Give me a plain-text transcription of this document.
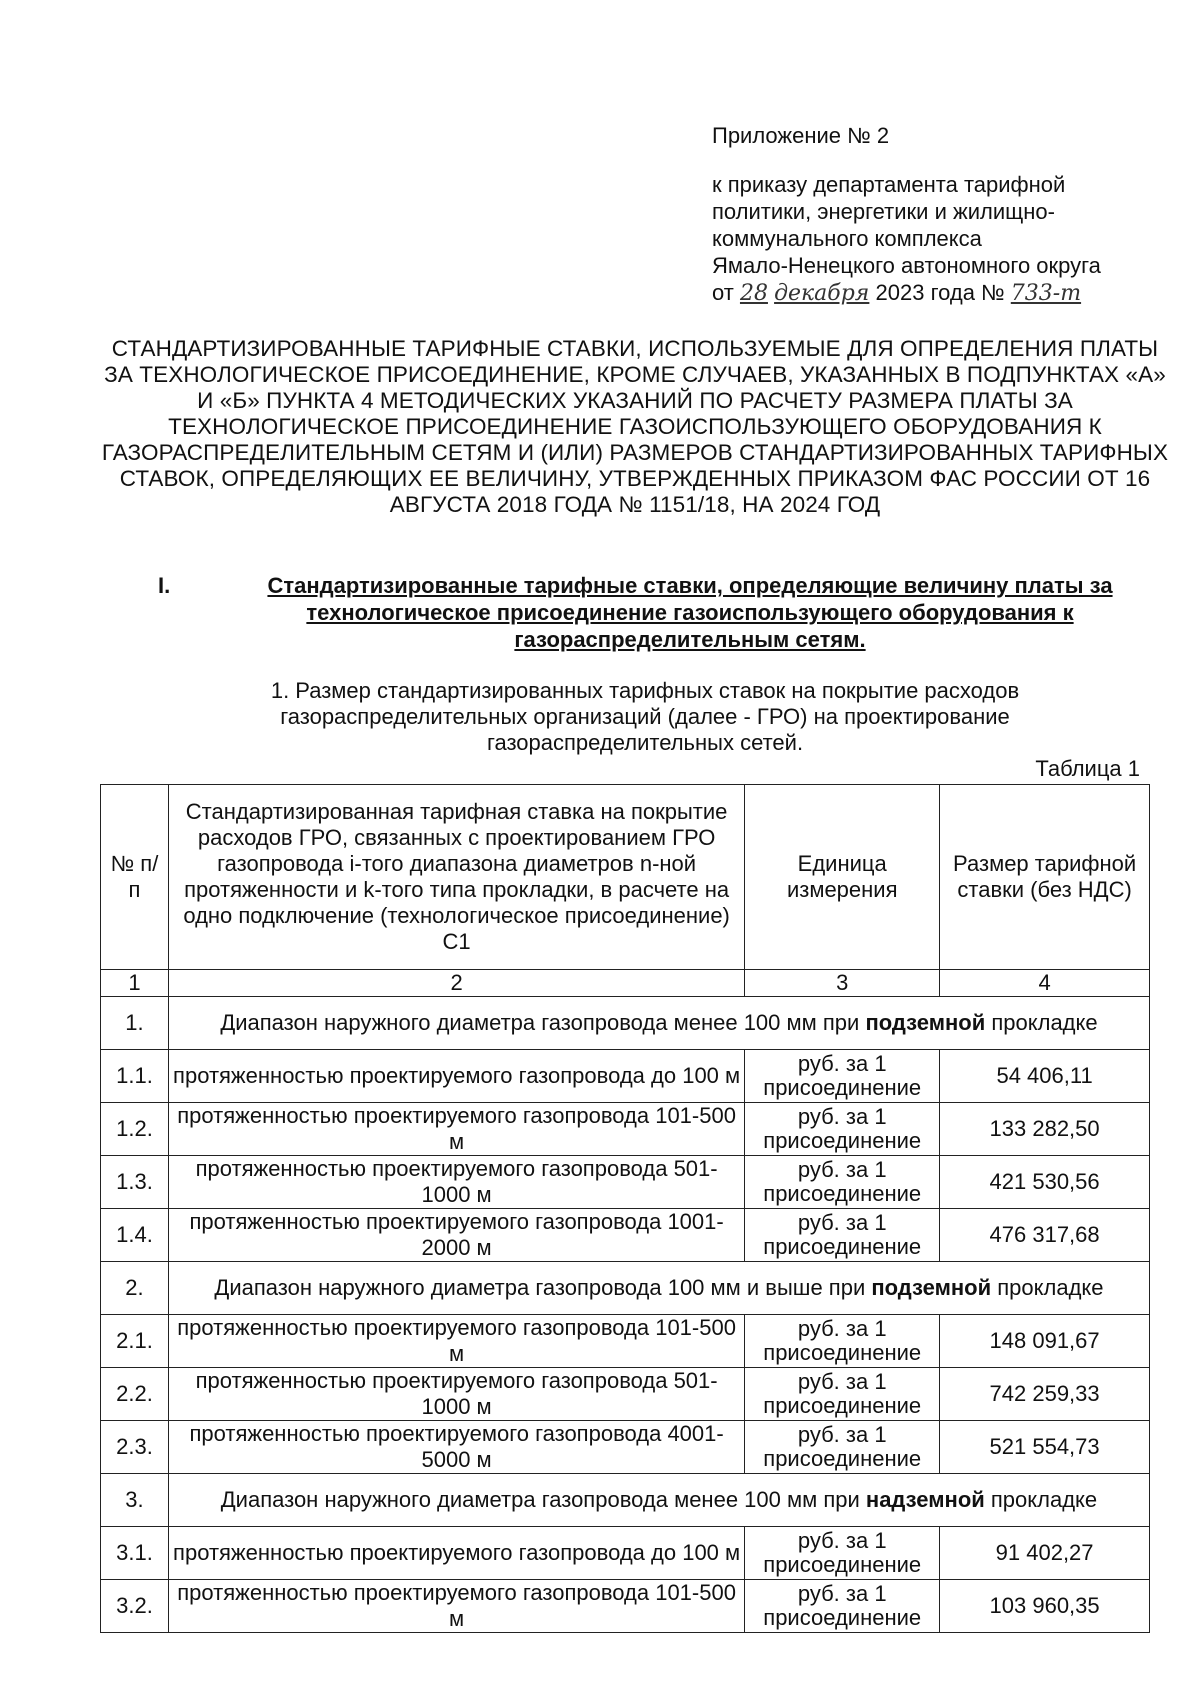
Приложение № 2
к приказу департамента тарифной
политики, энергетики и жилищно-
коммунального комплекса
Ямало-Ненецкого автономного округа
от 28 декабря 2023 года № 733-т
СТАНДАРТИЗИРОВАННЫЕ ТАРИФНЫЕ СТАВКИ, ИСПОЛЬЗУЕМЫЕ ДЛЯ ОПРЕДЕЛЕНИЯ ПЛАТЫ ЗА ТЕХНОЛОГИЧЕСКОЕ ПРИСОЕДИНЕНИЕ, КРОМЕ СЛУЧАЕВ, УКАЗАННЫХ В ПОДПУНКТАХ «А» И «Б» ПУНКТА 4 МЕТОДИЧЕСКИХ УКАЗАНИЙ ПО РАСЧЕТУ РАЗМЕРА ПЛАТЫ ЗА ТЕХНОЛОГИЧЕСКОЕ ПРИСОЕДИНЕНИЕ ГАЗОИСПОЛЬЗУЮЩЕГО ОБОРУДОВАНИЯ К ГАЗОРАСПРЕДЕЛИТЕЛЬНЫМ СЕТЯМ И (ИЛИ) РАЗМЕРОВ СТАНДАРТИЗИРОВАННЫХ ТАРИФНЫХ СТАВОК, ОПРЕДЕЛЯЮЩИХ ЕЕ ВЕЛИЧИНУ, УТВЕРЖДЕННЫХ ПРИКАЗОМ ФАС РОССИИ ОТ 16 АВГУСТА 2018 ГОДА № 1151/18, НА 2024 ГОД
I.	Стандартизированные тарифные ставки, определяющие величину платы за технологическое присоединение газоиспользующего оборудования к газораспределительным сетям.
1. Размер стандартизированных тарифных ставок на покрытие расходов газораспределительных организаций (далее - ГРО) на проектирование газораспределительных сетей.
Таблица 1
№ п/п	Стандартизированная тарифная ставка на покрытие расходов ГРО, связанных с проектированием ГРО газопровода i-того диапазона диаметров n-ной протяженности и k-того типа прокладки, в расчете на одно подключение (технологическое присоединение) C1	Единица измерения	Размер тарифной ставки (без НДС)
1	2	3	4
1.	Диапазон наружного диаметра газопровода менее 100 мм при подземной прокладке		
1.1.	протяженностью проектируемого газопровода до 100 м	руб. за 1 присоединение	54 406,11
1.2.	протяженностью проектируемого газопровода 101-500 м	руб. за 1 присоединение	133 282,50
1.3.	протяженностью проектируемого газопровода 501-1000 м	руб. за 1 присоединение	421 530,56
1.4.	протяженностью проектируемого газопровода 1001-2000 м	руб. за 1 присоединение	476 317,68
2.	Диапазон наружного диаметра газопровода 100 мм и выше при подземной прокладке		
2.1.	протяженностью проектируемого газопровода 101-500 м	руб. за 1 присоединение	148 091,67
2.2.	протяженностью проектируемого газопровода 501-1000 м	руб. за 1 присоединение	742 259,33
2.3.	протяженностью проектируемого газопровода 4001-5000 м	руб. за 1 присоединение	521 554,73
3.	Диапазон наружного диаметра газопровода менее 100 мм при надземной прокладке		
3.1.	протяженностью проектируемого газопровода до 100 м	руб. за 1 присоединение	91 402,27
3.2.	протяженностью проектируемого газопровода 101-500 м	руб. за 1 присоединение	103 960,35
